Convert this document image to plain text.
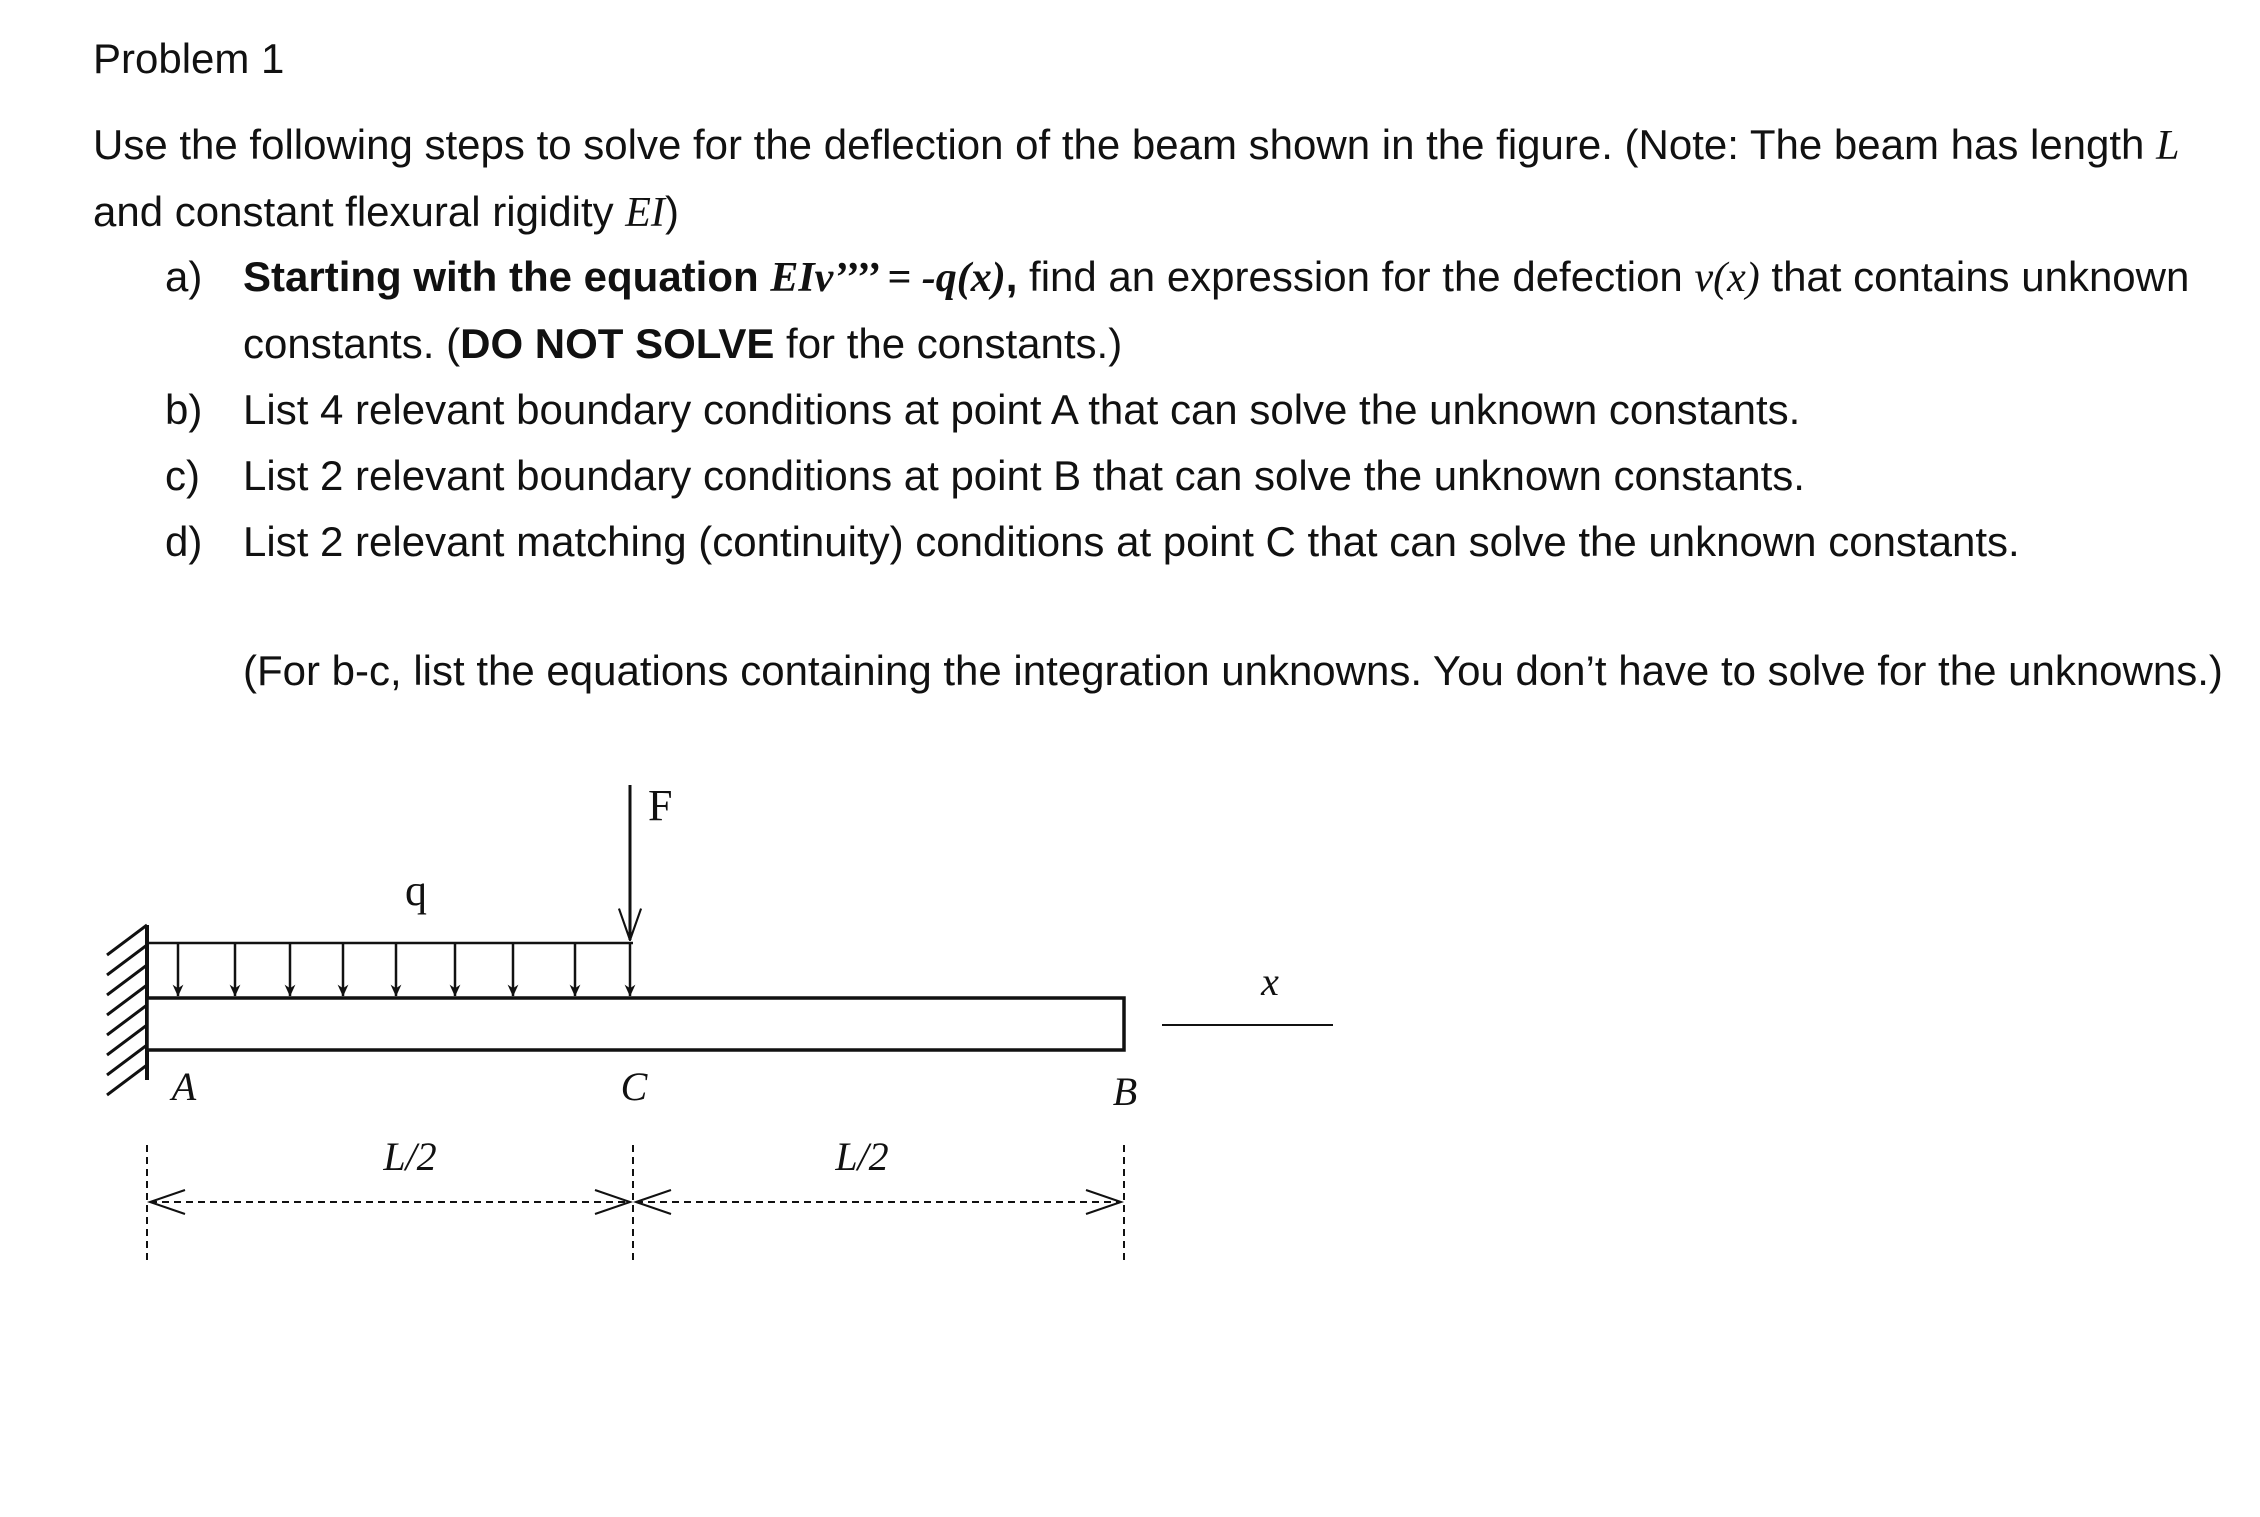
Problem 1

Use the following steps to solve for the deflection of the beam shown in the figure. (Note: The beam has length L and constant flexural rigidity EI)

a) Starting with the equation EIv’’’’ = -q(x), find an expression for the defection v(x) that contains unknown constants. (DO NOT SOLVE for the constants.)
b) List 4 relevant boundary conditions at point A that can solve the unknown constants.
c) List 2 relevant boundary conditions at point B that can solve the unknown constants.
d) List 2 relevant matching (continuity) conditions at point C that can solve the unknown constants.

(For b-c, list the equations containing the integration unknowns. You don’t have to solve for the unknowns.)

q
F
x
A	C	B
L/2	L/2
